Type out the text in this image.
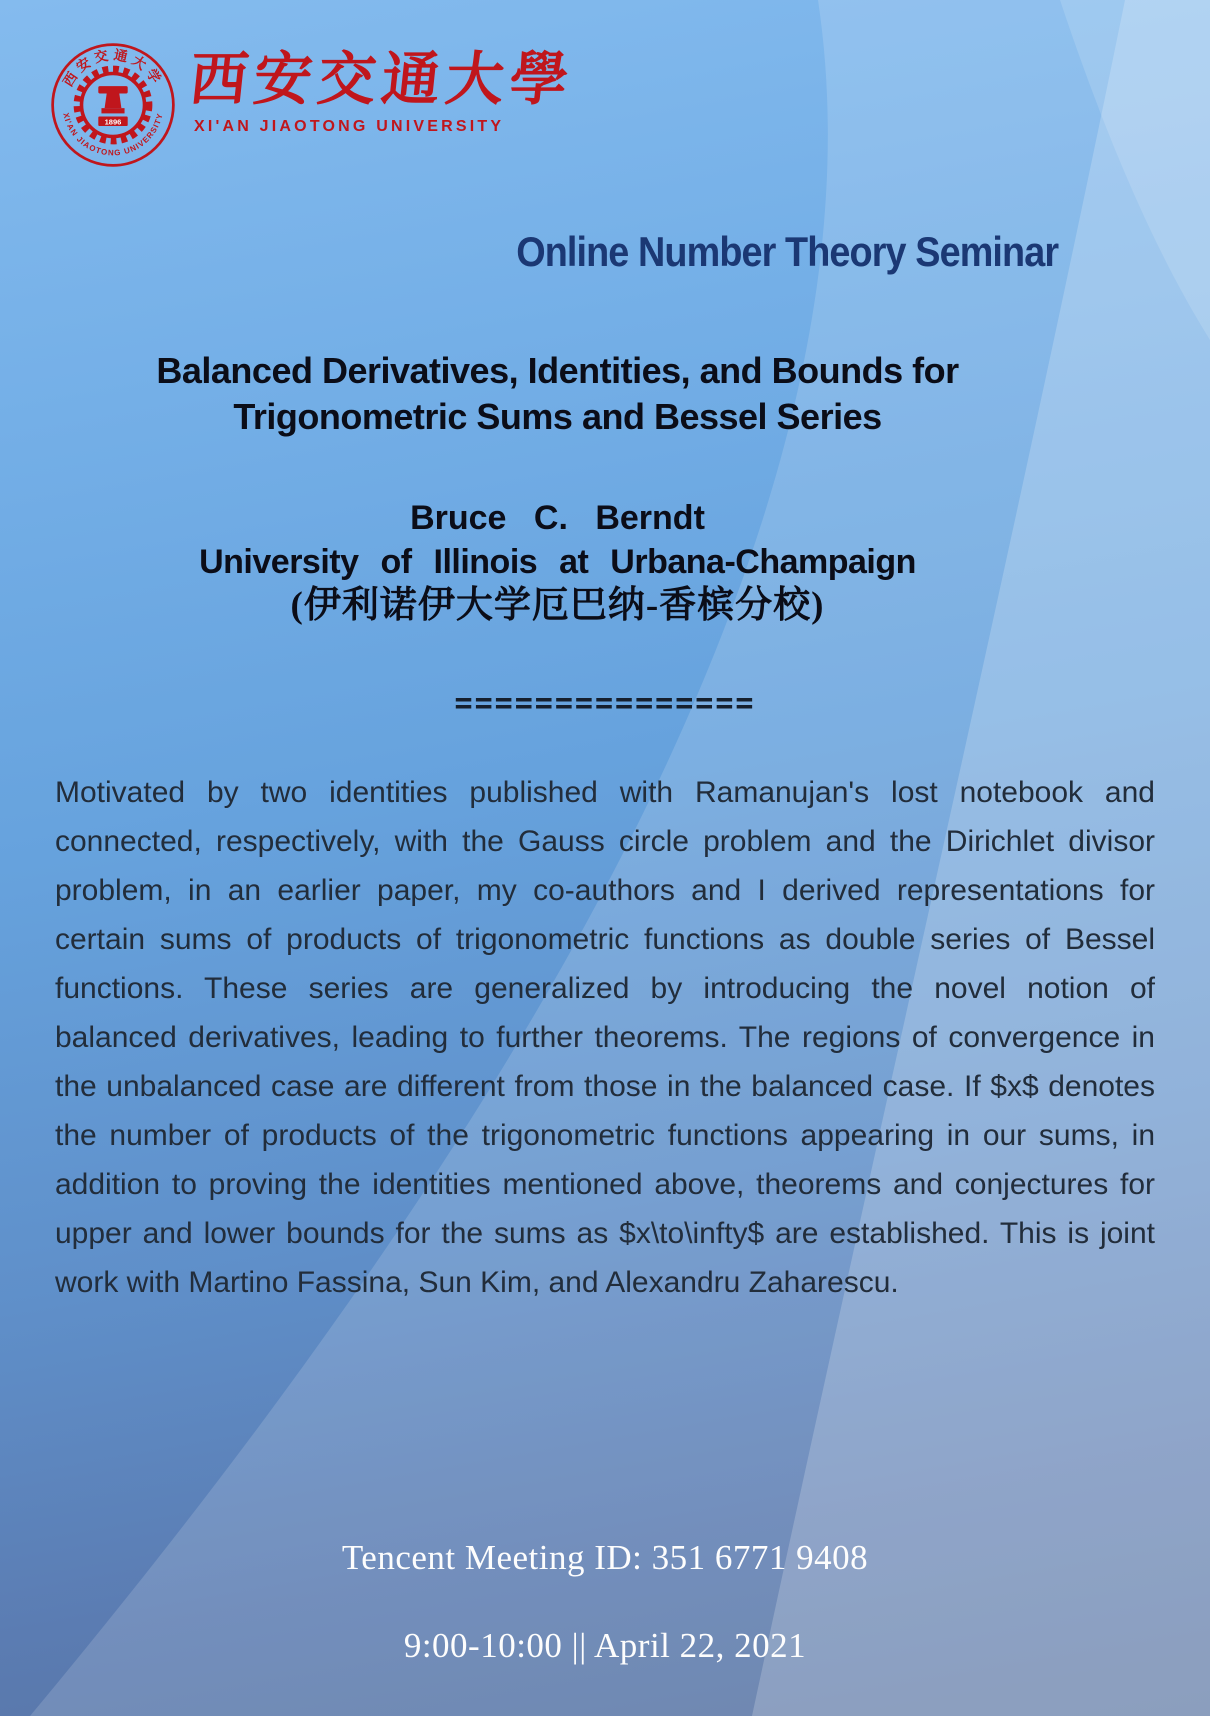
1896
西安交通大学
XI'AN JIAOTONG UNIVERSITY
西安交通大學
XI'AN JIAOTONG UNIVERSITY
Online Number Theory Seminar
Balanced Derivatives, Identities, and Bounds for
Trigonometric Sums and Bessel Series
Bruce C. Berndt
University of Illinois at Urbana-Champaign
(伊利诺伊大学厄巴纳-香槟分校)
===============

Motivated by two identities published with Ramanujan's lost notebook and connected, respectively, with the Gauss circle problem and the Dirichlet divisor problem, in an earlier paper, my co-authors and I derived representations for certain sums of products of trigonometric functions as double series of Bessel functions. These series are generalized by introducing the novel notion of balanced derivatives, leading to further theorems. The regions of convergence in the unbalanced case are different from those in the balanced case. If $x$ denotes the number of products of the trigonometric functions appearing in our sums, in addition to proving the identities mentioned above, theorems and conjectures for upper and lower bounds for the sums as $x\to\infty$ are established. This is joint work with Martino Fassina, Sun Kim, and Alexandru Zaharescu.

Tencent Meeting ID: 351 6771 9408
9:00-10:00 || April 22, 2021
